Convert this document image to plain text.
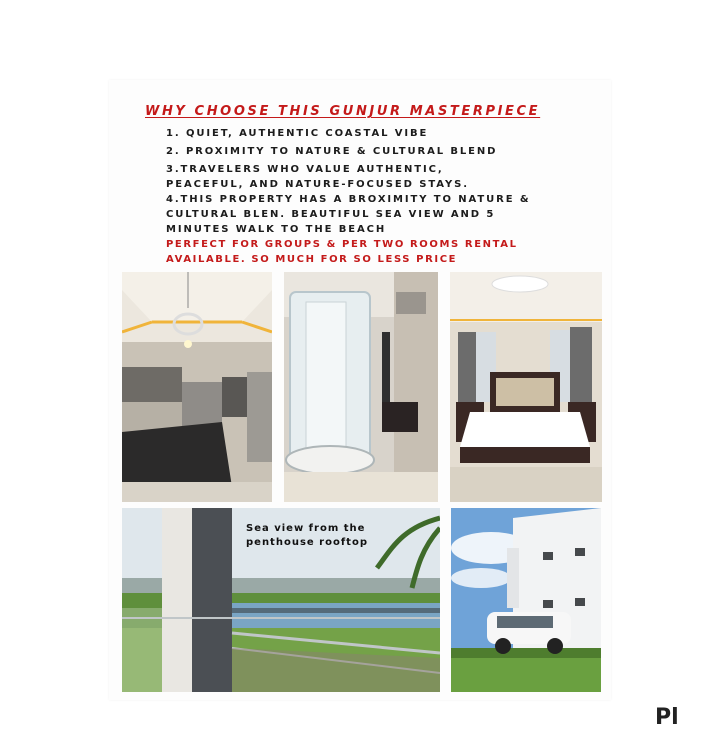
WHY CHOOSE THIS GUNJUR MASTERPIECE
1. QUIET, AUTHENTIC COASTAL VIBE
2. PROXIMITY TO NATURE & CULTURAL BLEND
3.TRAVELERS WHO VALUE AUTHENTIC,
PEACEFUL, AND NATURE-FOCUSED STAYS.
4.THIS PROPERTY HAS A BROXIMITY TO NATURE &
CULTURAL BLEN. BEAUTIFUL SEA VIEW AND 5
MINUTES WALK TO THE BEACH
PERFECT FOR GROUPS & PER TWO ROOMS RENTAL
AVAILABLE. SO MUCH FOR SO LESS PRICE
Sea view from the
penthouse rooftop
Pl
